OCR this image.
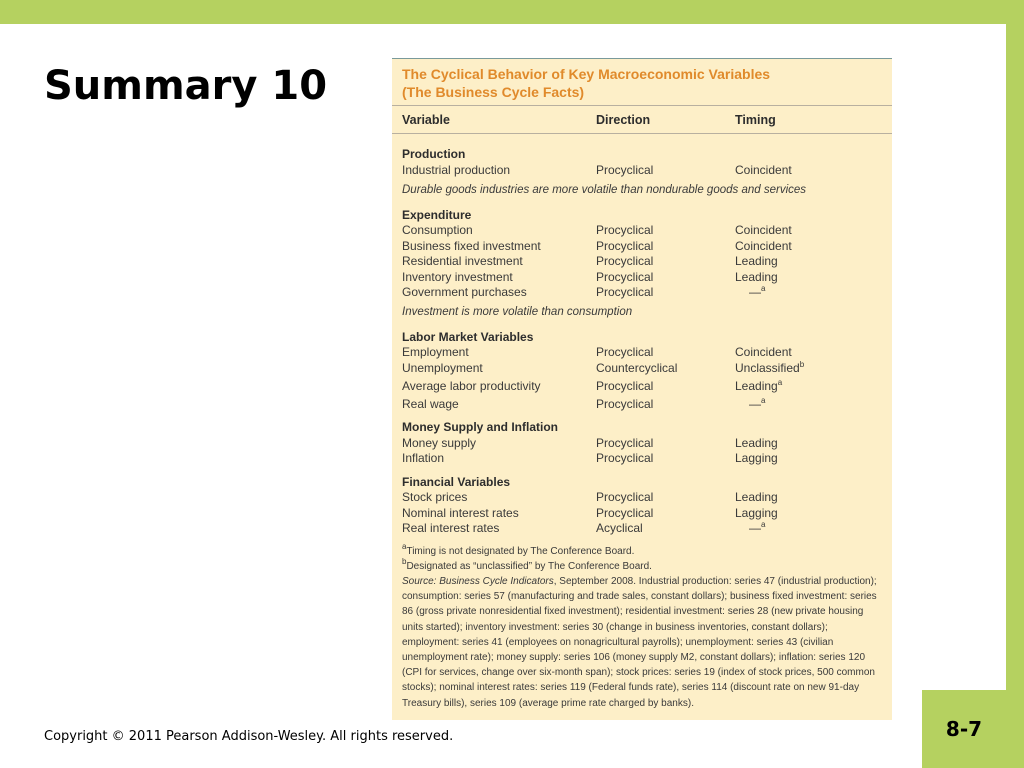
Summary 10	The Cyclical Behavior of Key Macroeconomic Variables
(The Business Cycle Facts)
Variable	Direction	Timing
Production
Industrial production	Procyclical	Coincident
Durable goods industries are more volatile than nondurable goods and services
Expenditure
Consumption	Procyclical	Coincident
Business fixed investment	Procyclical	Coincident
Residential investment	Procyclical	Leading
Inventory investment	Procyclical	Leading
Government purchases	Procyclical	—$^a$
Investment is more volatile than consumption
Labor Market Variables
Employment	Procyclical	Coincident
Unemployment	Countercyclical	Unclassified$^b$
Average labor productivity	Procyclical	Leading$^a$
Real wage	Procyclical	—$^a$
Money Supply and Inflation
Money supply	Procyclical	Leading
Inflation	Procyclical	Lagging
Financial Variables
Stock prices	Procyclical	Leading
Nominal interest rates	Procyclical	Lagging
Real interest rates	Acyclical	—$^a$
$^a$Timing is not designated by The Conference Board.
$^b$Designated as “unclassified” by The Conference Board.
Source: Business Cycle Indicators, September 2008. Industrial production: series 47 (industrial production); consumption: series 57 (manufacturing and trade sales, constant dollars); business fixed investment: series 86 (gross private nonresidential fixed investment); residential investment: series 28 (new private housing units started); inventory investment: series 30 (change in business inventories, constant dollars); employment: series 41 (employees on nonagricultural payrolls); unemployment: series 43 (civilian unemployment rate); money supply: series 106 (money supply M2, constant dollars); inflation: series 120 (CPI for services, change over six-month span); stock prices: series 19 (index of stock prices, 500 common stocks); nominal interest rates: series 119 (Federal funds rate), series 114 (discount rate on new 91-day Treasury bills), series 109 (average prime rate charged by banks).
Copyright © 2011 Pearson Addison-Wesley. All rights reserved.	8-7
